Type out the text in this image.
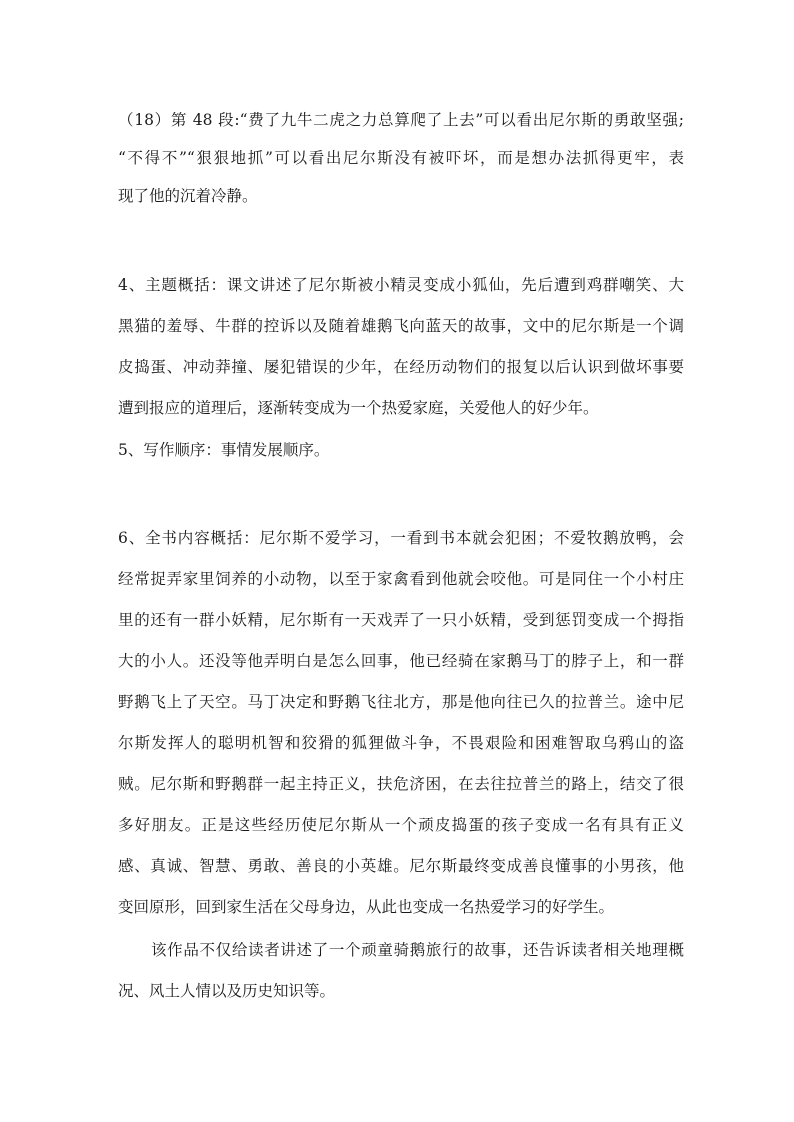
（18）第 48 段:“费了九牛二虎之力总算爬了上去”可以看出尼尔斯的勇敢坚强;
“不得不”“狠狠地抓”可以看出尼尔斯没有被吓坏，而是想办法抓得更牢，表
现了他的沉着冷静。
4、主题概括：课文讲述了尼尔斯被小精灵变成小狐仙，先后遭到鸡群嘲笑、大
黑猫的羞辱、牛群的控诉以及随着雄鹅飞向蓝天的故事，文中的尼尔斯是一个调
皮捣蛋、冲动莽撞、屡犯错误的少年，在经历动物们的报复以后认识到做坏事要
遭到报应的道理后，逐渐转变成为一个热爱家庭，关爱他人的好少年。
5、写作顺序：事情发展顺序。
6、全书内容概括：尼尔斯不爱学习，一看到书本就会犯困；不爱牧鹅放鸭，会
经常捉弄家里饲养的小动物，以至于家禽看到他就会咬他。可是同住一个小村庄
里的还有一群小妖精，尼尔斯有一天戏弄了一只小妖精，受到惩罚变成一个拇指
大的小人。还没等他弄明白是怎么回事，他已经骑在家鹅马丁的脖子上，和一群
野鹅飞上了天空。马丁决定和野鹅飞往北方，那是他向往已久的拉普兰。途中尼
尔斯发挥人的聪明机智和狡猾的狐狸做斗争，不畏艰险和困难智取乌鸦山的盗
贼。尼尔斯和野鹅群一起主持正义，扶危济困，在去往拉普兰的路上，结交了很
多好朋友。正是这些经历使尼尔斯从一个顽皮捣蛋的孩子变成一名有具有正义
感、真诚、智慧、勇敢、善良的小英雄。尼尔斯最终变成善良懂事的小男孩，他
变回原形，回到家生活在父母身边，从此也变成一名热爱学习的好学生。
该作品不仅给读者讲述了一个顽童骑鹅旅行的故事，还告诉读者相关地理概
况、风土人情以及历史知识等。
